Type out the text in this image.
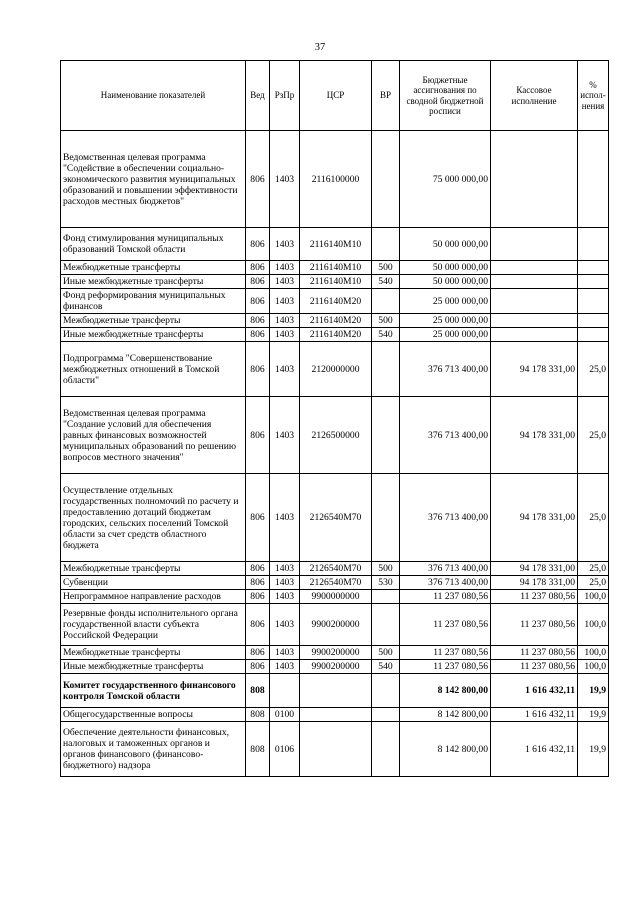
37
Наименование показателей	Вед	РзПр	ЦСР	ВР	Бюджетные ассигнования по сводной бюджетной росписи	Кассовое исполнение	% испол- нения
Ведомственная целевая программа "Содействие в обеспечении социально-экономического развития муниципальных образований и повышении эффективности расходов местных бюджетов"	806	1403	2116100000		75 000 000,00		
Фонд стимулирования муниципальных образований Томской области	806	1403	2116140М10		50 000 000,00		
Межбюджетные трансферты	806	1403	2116140М10	500	50 000 000,00		
Иные межбюджетные трансферты	806	1403	2116140М10	540	50 000 000,00		
Фонд реформирования муниципальных финансов	806	1403	2116140М20		25 000 000,00		
Межбюджетные трансферты	806	1403	2116140М20	500	25 000 000,00		
Иные межбюджетные трансферты	806	1403	2116140М20	540	25 000 000,00		
Подпрограмма "Совершенствование межбюджетных отношений в Томской области"	806	1403	2120000000		376 713 400,00	94 178 331,00	25,0
Ведомственная целевая программа "Создание условий для обеспечения равных финансовых возможностей муниципальных образований по решению вопросов местного значения"	806	1403	2126500000		376 713 400,00	94 178 331,00	25,0
Осуществление отдельных государственных полномочий по расчету и предоставлению дотаций бюджетам городских, сельских поселений Томской области за счет средств областного бюджета	806	1403	2126540М70		376 713 400,00	94 178 331,00	25,0
Межбюджетные трансферты	806	1403	2126540М70	500	376 713 400,00	94 178 331,00	25,0
Субвенции	806	1403	2126540М70	530	376 713 400,00	94 178 331,00	25,0
Непрограммное направление расходов	806	1403	9900000000		11 237 080,56	11 237 080,56	100,0
Резервные фонды исполнительного органа государственной власти субъекта Российской Федерации	806	1403	9900200000		11 237 080,56	11 237 080,56	100,0
Межбюджетные трансферты	806	1403	9900200000	500	11 237 080,56	11 237 080,56	100,0
Иные межбюджетные трансферты	806	1403	9900200000	540	11 237 080,56	11 237 080,56	100,0
Комитет государственного финансового контроля Томской области	808				8 142 800,00	1 616 432,11	19,9
Общегосударственные вопросы	808	0100			8 142 800,00	1 616 432,11	19,9
Обеспечение деятельности финансовых, налоговых и таможенных органов и органов финансового (финансово-бюджетного) надзора	808	0106			8 142 800,00	1 616 432,11	19,9
